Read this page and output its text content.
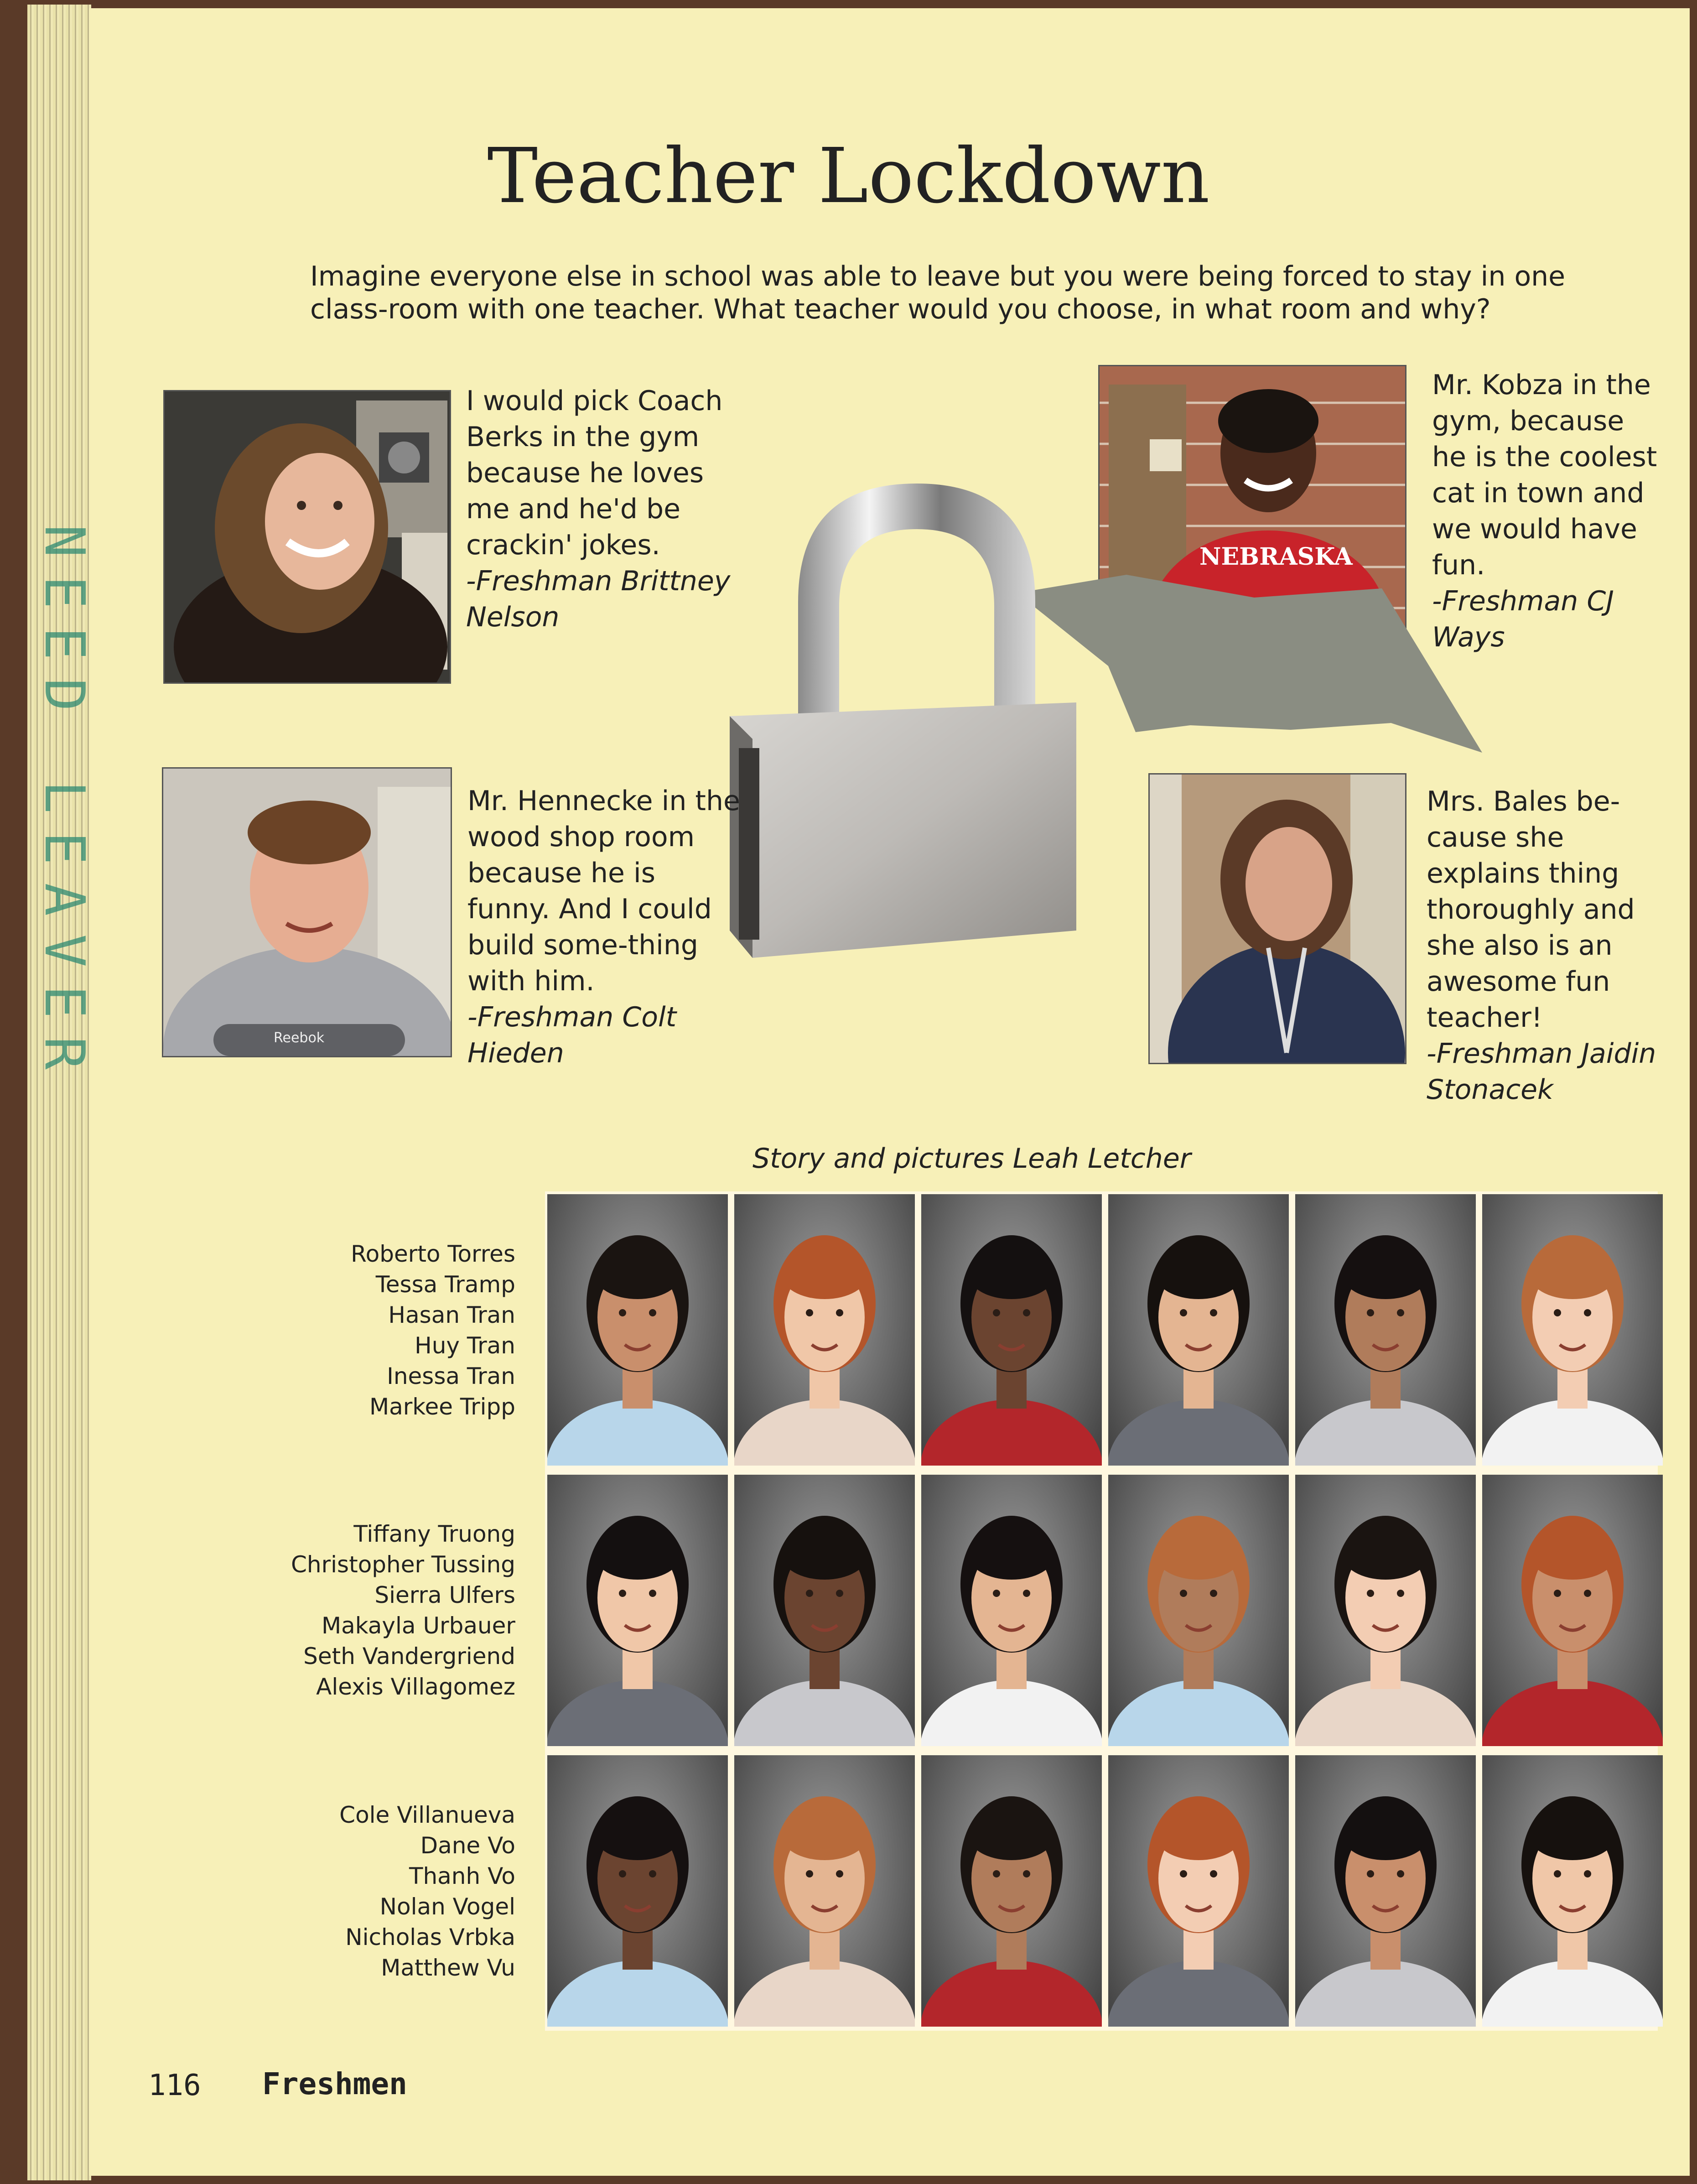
Teacher Lockdown
Imagine everyone else in school was able to leave but you were being forced to stay in one class-room with one teacher. What teacher would you choose, in what room and why?
I would pick Coach Berks in the gym because he loves me and he'd be crackin' jokes.
-Freshman Brittney Nelson
Mr. Kobza in the gym, because he is the coolest cat in town and we would have fun.
-Freshman CJ Ways
NEBRASKA
Reebok
Mr. Hennecke in the wood shop room because he is funny. And I could build some-thing with him.
-Freshman Colt Hieden
Mrs. Bales be-cause she explains thing thoroughly and she also is an awesome fun teacher!
-Freshman Jaidin Stonacek
Story and pictures Leah Letcher
Roberto Torres
Tessa Tramp
Hasan Tran
Huy Tran
Inessa Tran
Markee Tripp
Tiffany Truong
Christopher Tussing
Sierra Ulfers
Makayla Urbauer
Seth Vandergriend
Alexis Villagomez
Cole Villanueva
Dane Vo
Thanh Vo
Nolan Vogel
Nicholas Vrbka
Matthew Vu
116 Freshmen
